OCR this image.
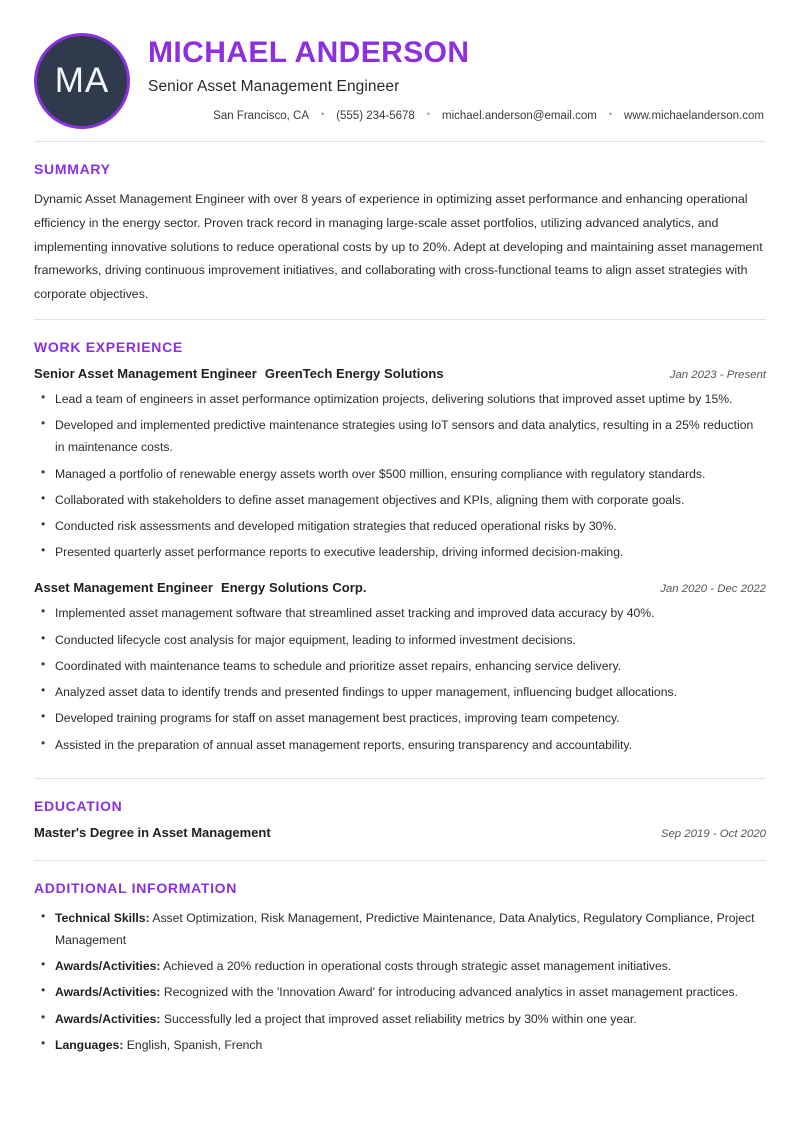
MA
MICHAEL ANDERSON
Senior Asset Management Engineer
San Francisco, CA • (555) 234-5678 • michael.anderson@email.com • www.michaelanderson.com
SUMMARY
Dynamic Asset Management Engineer with over 8 years of experience in optimizing asset performance and enhancing operational efficiency in the energy sector. Proven track record in managing large-scale asset portfolios, utilizing advanced analytics, and implementing innovative solutions to reduce operational costs by up to 20%. Adept at developing and maintaining asset management frameworks, driving continuous improvement initiatives, and collaborating with cross-functional teams to align asset strategies with corporate objectives.
WORK EXPERIENCE
Senior Asset Management Engineer GreenTech Energy Solutions	Jan 2023 - Present
• Lead a team of engineers in asset performance optimization projects, delivering solutions that improved asset uptime by 15%.
• Developed and implemented predictive maintenance strategies using IoT sensors and data analytics, resulting in a 25% reduction in maintenance costs.
• Managed a portfolio of renewable energy assets worth over $500 million, ensuring compliance with regulatory standards.
• Collaborated with stakeholders to define asset management objectives and KPIs, aligning them with corporate goals.
• Conducted risk assessments and developed mitigation strategies that reduced operational risks by 30%.
• Presented quarterly asset performance reports to executive leadership, driving informed decision-making.
Asset Management Engineer Energy Solutions Corp.	Jan 2020 - Dec 2022
• Implemented asset management software that streamlined asset tracking and improved data accuracy by 40%.
• Conducted lifecycle cost analysis for major equipment, leading to informed investment decisions.
• Coordinated with maintenance teams to schedule and prioritize asset repairs, enhancing service delivery.
• Analyzed asset data to identify trends and presented findings to upper management, influencing budget allocations.
• Developed training programs for staff on asset management best practices, improving team competency.
• Assisted in the preparation of annual asset management reports, ensuring transparency and accountability.
EDUCATION
Master's Degree in Asset Management	Sep 2019 - Oct 2020
ADDITIONAL INFORMATION
• Technical Skills: Asset Optimization, Risk Management, Predictive Maintenance, Data Analytics, Regulatory Compliance, Project Management
• Awards/Activities: Achieved a 20% reduction in operational costs through strategic asset management initiatives.
• Awards/Activities: Recognized with the 'Innovation Award' for introducing advanced analytics in asset management practices.
• Awards/Activities: Successfully led a project that improved asset reliability metrics by 30% within one year.
• Languages: English, Spanish, French
